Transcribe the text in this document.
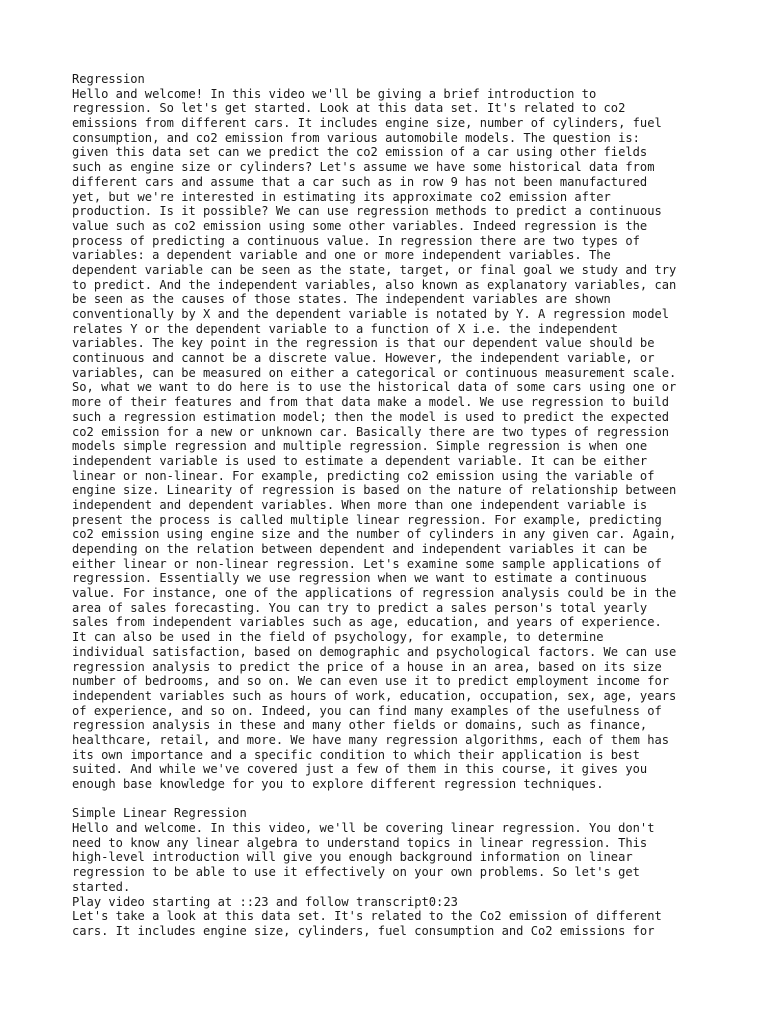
Regression
Hello and welcome! In this video we'll be giving a brief introduction to
regression. So let's get started. Look at this data set. It's related to co2
emissions from different cars. It includes engine size, number of cylinders, fuel
consumption, and co2 emission from various automobile models. The question is:
given this data set can we predict the co2 emission of a car using other fields
such as engine size or cylinders? Let's assume we have some historical data from
different cars and assume that a car such as in row 9 has not been manufactured
yet, but we're interested in estimating its approximate co2 emission after
production. Is it possible? We can use regression methods to predict a continuous
value such as co2 emission using some other variables. Indeed regression is the
process of predicting a continuous value. In regression there are two types of
variables: a dependent variable and one or more independent variables. The
dependent variable can be seen as the state, target, or final goal we study and try
to predict. And the independent variables, also known as explanatory variables, can
be seen as the causes of those states. The independent variables are shown
conventionally by X and the dependent variable is notated by Y. A regression model
relates Y or the dependent variable to a function of X i.e. the independent
variables. The key point in the regression is that our dependent value should be
continuous and cannot be a discrete value. However, the independent variable, or
variables, can be measured on either a categorical or continuous measurement scale.
So, what we want to do here is to use the historical data of some cars using one or
more of their features and from that data make a model. We use regression to build
such a regression estimation model; then the model is used to predict the expected
co2 emission for a new or unknown car. Basically there are two types of regression
models simple regression and multiple regression. Simple regression is when one
independent variable is used to estimate a dependent variable. It can be either
linear or non-linear. For example, predicting co2 emission using the variable of
engine size. Linearity of regression is based on the nature of relationship between
independent and dependent variables. When more than one independent variable is
present the process is called multiple linear regression. For example, predicting
co2 emission using engine size and the number of cylinders in any given car. Again,
depending on the relation between dependent and independent variables it can be
either linear or non-linear regression. Let's examine some sample applications of
regression. Essentially we use regression when we want to estimate a continuous
value. For instance, one of the applications of regression analysis could be in the
area of sales forecasting. You can try to predict a sales person's total yearly
sales from independent variables such as age, education, and years of experience.
It can also be used in the field of psychology, for example, to determine
individual satisfaction, based on demographic and psychological factors. We can use
regression analysis to predict the price of a house in an area, based on its size
number of bedrooms, and so on. We can even use it to predict employment income for
independent variables such as hours of work, education, occupation, sex, age, years
of experience, and so on. Indeed, you can find many examples of the usefulness of
regression analysis in these and many other fields or domains, such as finance,
healthcare, retail, and more. We have many regression algorithms, each of them has
its own importance and a specific condition to which their application is best
suited. And while we've covered just a few of them in this course, it gives you
enough base knowledge for you to explore different regression techniques.
Simple Linear Regression
Hello and welcome. In this video, we'll be covering linear regression. You don't
need to know any linear algebra to understand topics in linear regression. This
high-level introduction will give you enough background information on linear
regression to be able to use it effectively on your own problems. So let's get
started.
Play video starting at ::23 and follow transcript0:23
Let's take a look at this data set. It's related to the Co2 emission of different
cars. It includes engine size, cylinders, fuel consumption and Co2 emissions for
